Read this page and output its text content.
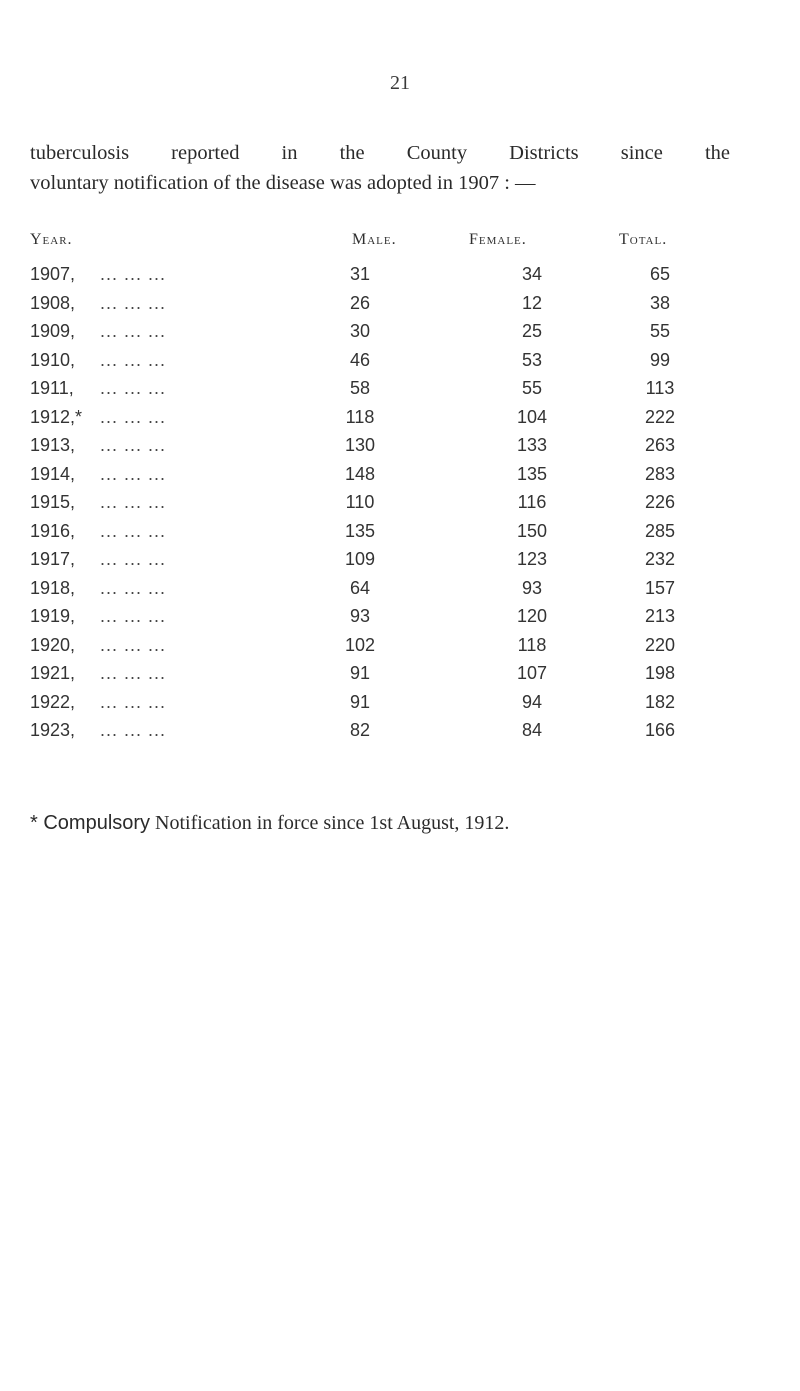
21
tuberculosis reported in the County Districts since the
voluntary notification of the disease was adopted in 1907 : —
Year.	Male.	Female.	Total.
1907,	... ... ...	31	34	65
1908,	... ... ...	26	12	38
1909,	... ... ...	30	25	55
1910,	... ... ...	46	53	99
1911,	... ... ...	58	55	113
1912,* ... ... ...	118	104	222
1913,	... ... ...	130	133	263
1914,	... ... ...	148	135	283
1915,	... ... ...	110	116	226
1916,	... ... ...	135	150	285
1917,	... ... ...	109	123	232
1918,	... ... ...	64	93	157
1919,	... ... ...	93	120	213
1920,	... ... ...	102	118	220
1921,	... ... ...	91	107	198
1922,	... ... ...	91	94	182
1923,	... ... ...	82	84	166
* Compulsory Notification in force since 1st August, 1912.
